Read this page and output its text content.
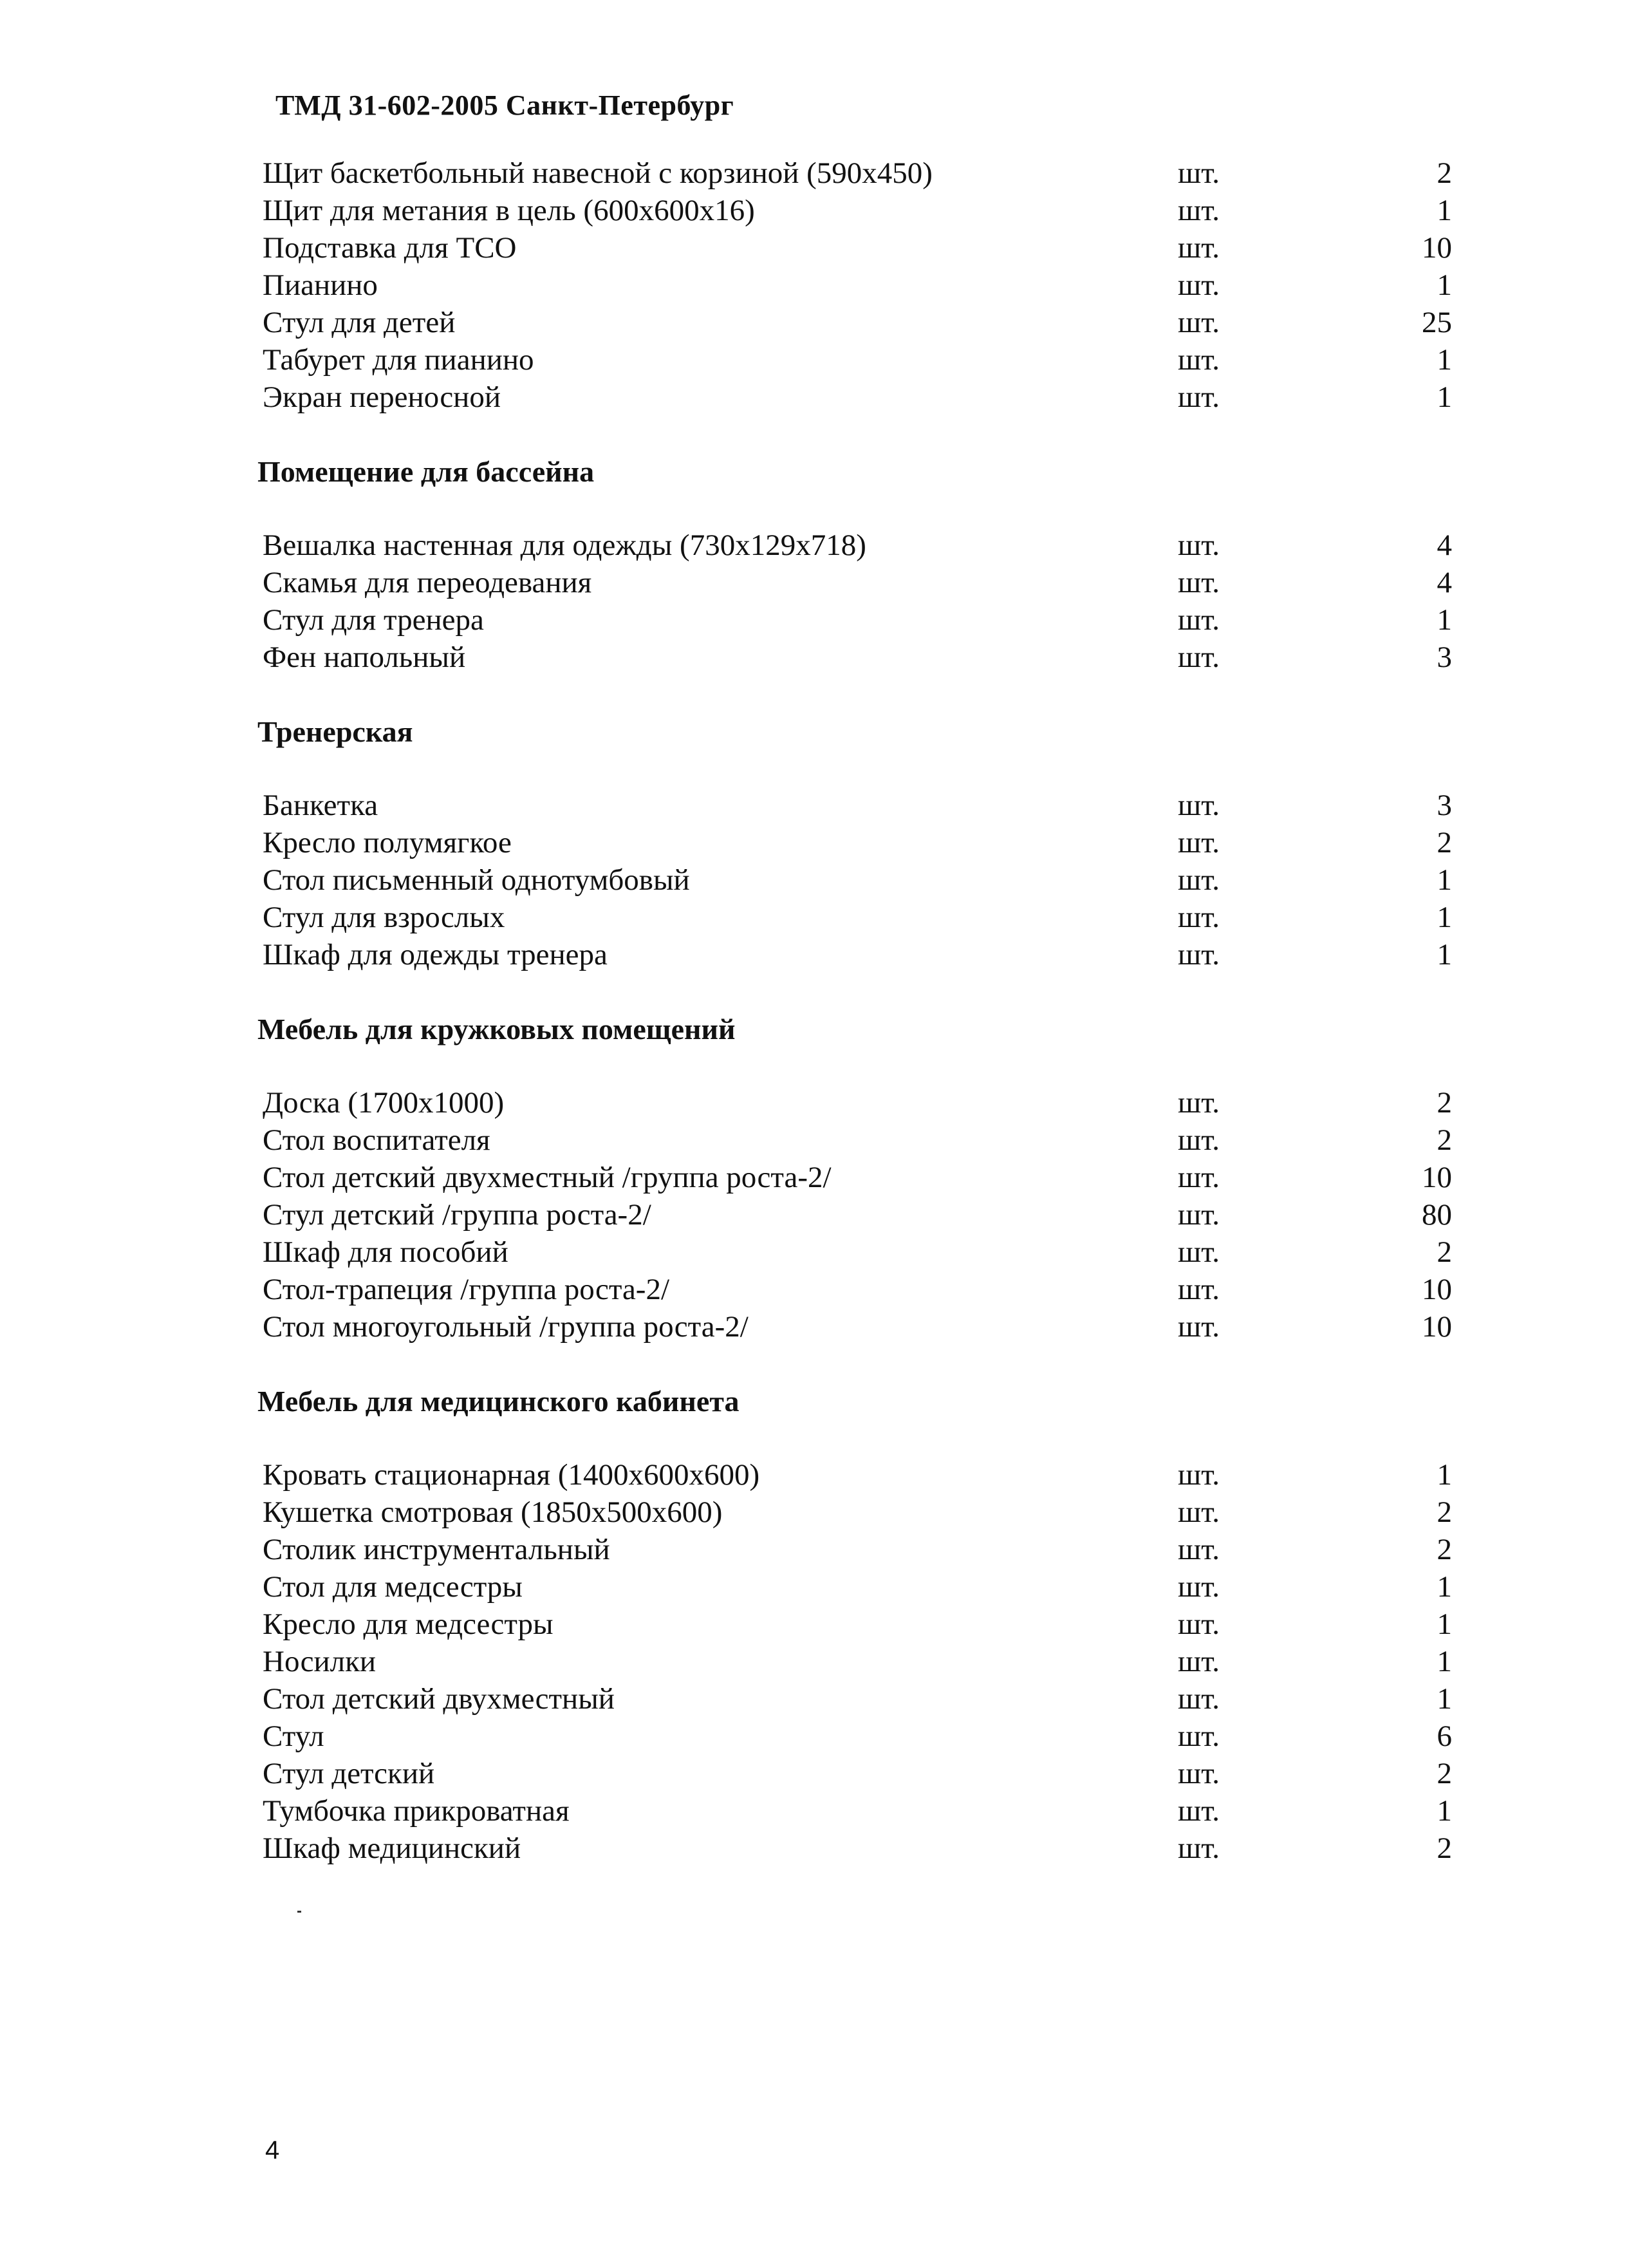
ТМД 31-602-2005 Санкт-Петербург
Щит баскетбольный навесной с корзиной (590х450)	шт.	2
Щит для метания в цель (600х600х16)	шт.	1
Подставка для ТСО	шт.	10
Пианино	шт.	1
Стул для детей	шт.	25
Табурет для пианино	шт.	1
Экран переносной	шт.	1
Помещение для бассейна
Вешалка настенная для одежды (730х129х718)	шт.	4
Скамья для переодевания	шт.	4
Стул для тренера	шт.	1
Фен напольный	шт.	3
Тренерская
Банкетка	шт.	3
Кресло полумягкое	шт.	2
Стол письменный однотумбовый	шт.	1
Стул для взрослых	шт.	1
Шкаф для одежды тренера	шт.	1
Мебель для кружковых помещений
Доска (1700х1000)	шт.	2
Стол воспитателя	шт.	2
Стол детский двухместный /группа роста-2/	шт.	10
Стул детский /группа роста-2/	шт.	80
Шкаф для пособий	шт.	2
Стол-трапеция /группа роста-2/	шт.	10
Стол многоугольный /группа роста-2/	шт.	10
Мебель для медицинского кабинета
Кровать стационарная (1400х600х600)	шт.	1
Кушетка смотровая (1850х500х600)	шт.	2
Столик инструментальный	шт.	2
Стол для медсестры	шт.	1
Кресло для медсестры	шт.	1
Носилки	шт.	1
Стол детский двухместный	шт.	1
Стул	шт.	6
Стул детский	шт.	2
Тумбочка прикроватная	шт.	1
Шкаф медицинский	шт.	2
4
